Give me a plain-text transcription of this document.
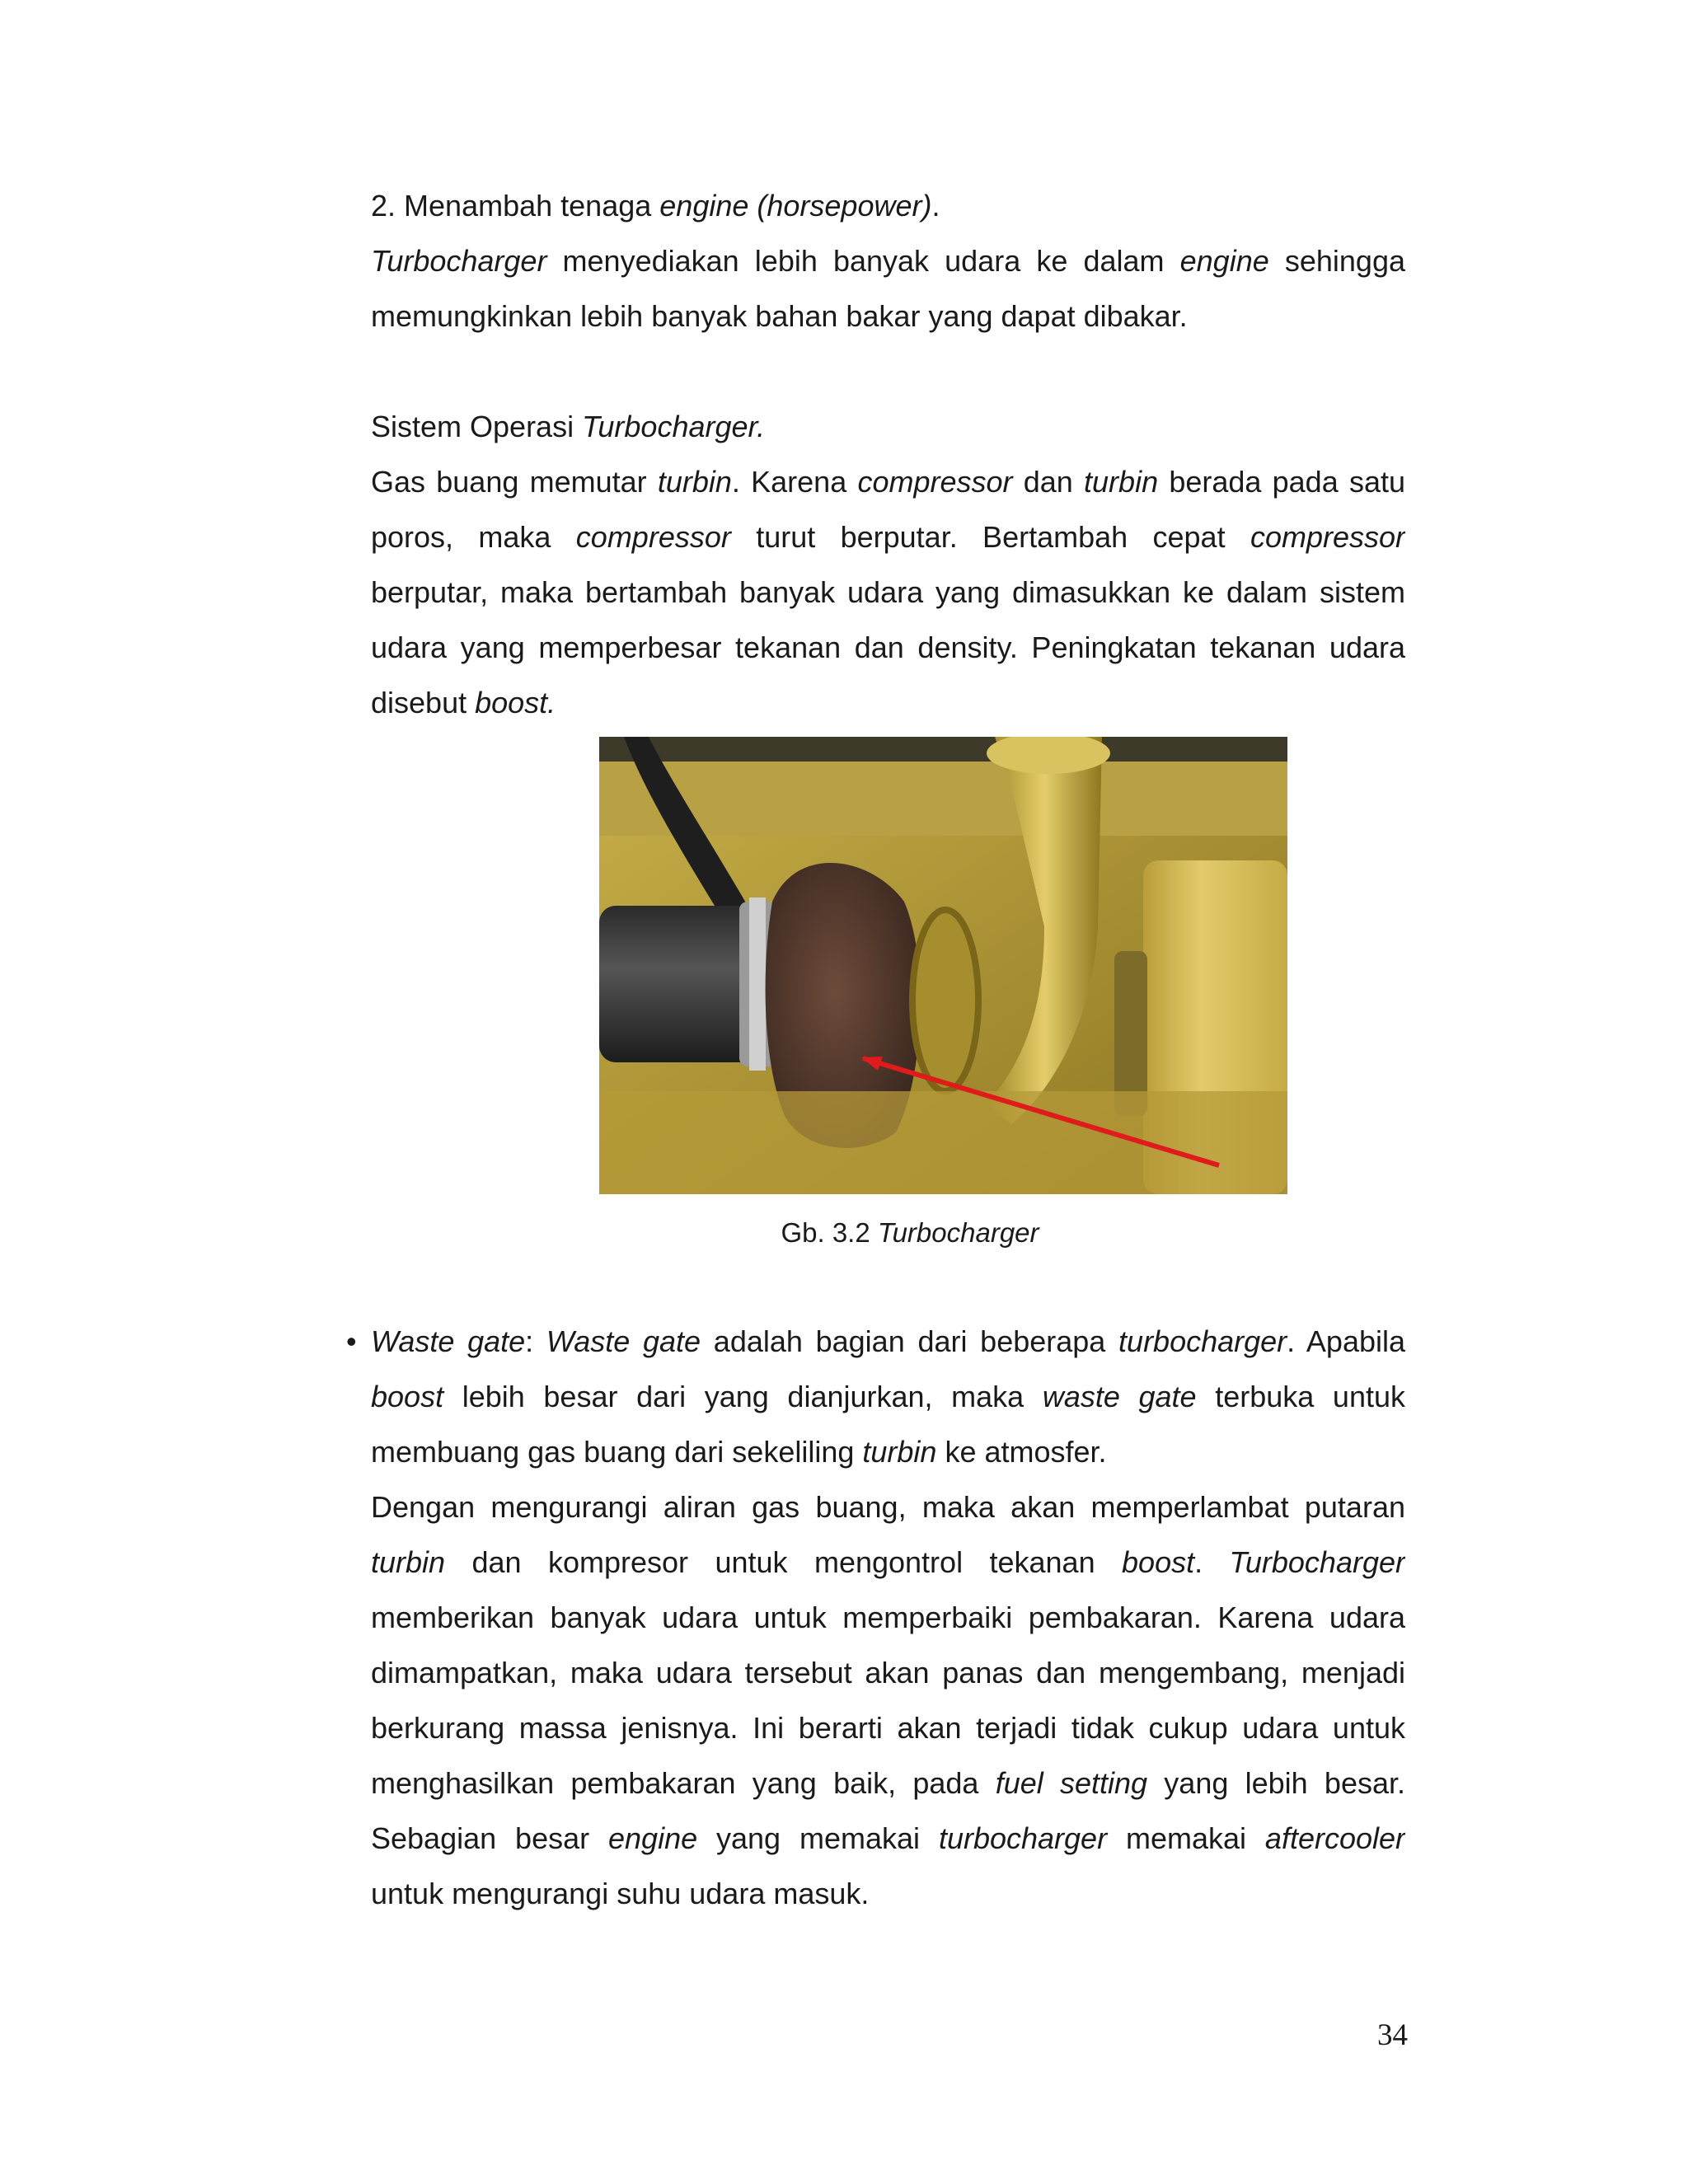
2. Menambah tenaga engine (horsepower).
Turbocharger menyediakan lebih banyak udara ke dalam engine sehingga
memungkinkan lebih banyak bahan bakar yang dapat dibakar.
Sistem Operasi Turbocharger.
Gas buang memutar turbin. Karena compressor dan turbin berada pada satu
poros, maka compressor turut berputar. Bertambah cepat compressor
berputar, maka bertambah banyak udara yang dimasukkan ke dalam sistem
udara yang memperbesar tekanan dan density. Peningkatan tekanan udara
disebut boost.
Gb. 3.2 Turbocharger
• Waste gate: Waste gate adalah bagian dari beberapa turbocharger. Apabila
boost lebih besar dari yang dianjurkan, maka waste gate terbuka untuk
membuang gas buang dari sekeliling turbin ke atmosfer.
Dengan mengurangi aliran gas buang, maka akan memperlambat putaran
turbin dan kompresor untuk mengontrol tekanan boost. Turbocharger
memberikan banyak udara untuk memperbaiki pembakaran. Karena udara
dimampatkan, maka udara tersebut akan panas dan mengembang, menjadi
berkurang massa jenisnya. Ini berarti akan terjadi tidak cukup udara untuk
menghasilkan pembakaran yang baik, pada fuel setting yang lebih besar.
Sebagian besar engine yang memakai turbocharger memakai aftercooler
untuk mengurangi suhu udara masuk.
34
